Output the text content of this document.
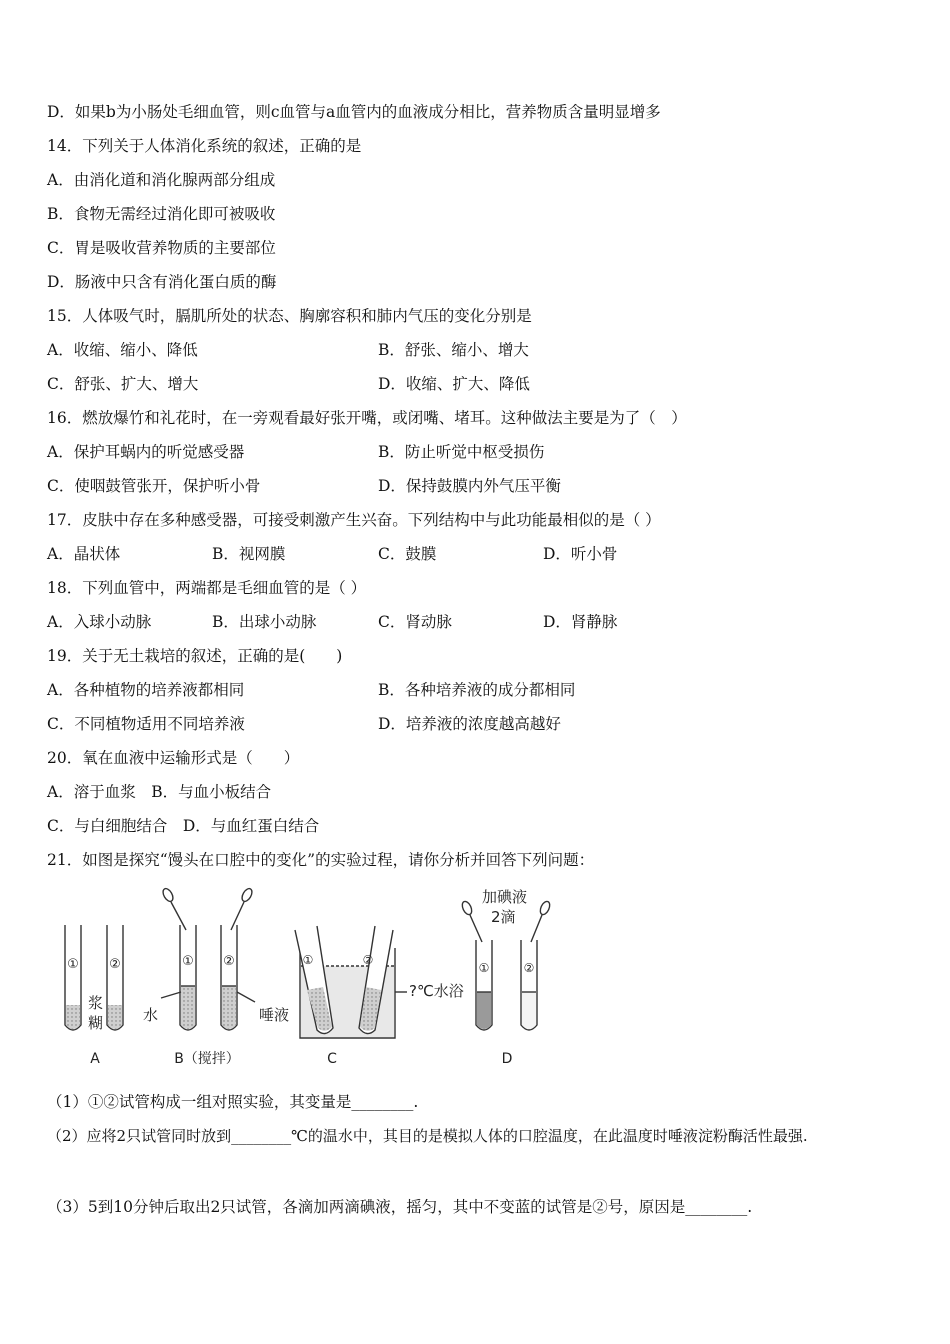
D．如果b为小肠处毛细血管，则c血管与a血管内的血液成分相比，营养物质含量明显增多
14．下列关于人体消化系统的叙述，正确的是
A．由消化道和消化腺两部分组成
B．食物无需经过消化即可被吸收
C．胃是吸收营养物质的主要部位
D．肠液中只含有消化蛋白质的酶
15．人体吸气时，膈肌所处的状态、胸廓容积和肺内气压的变化分别是
A．收缩、缩小、降低	B．舒张、缩小、增大
C．舒张、扩大、增大	D．收缩、扩大、降低
16．燃放爆竹和礼花时，在一旁观看最好张开嘴，或闭嘴、堵耳。这种做法主要是为了（　）
A．保护耳蜗内的听觉感受器	B．防止听觉中枢受损伤
C．使咽鼓管张开，保护听小骨	D．保持鼓膜内外气压平衡
17．皮肤中存在多种感受器，可接受刺激产生兴奋。下列结构中与此功能最相似的是（ ）
A．晶状体	B．视网膜	C．鼓膜	D．听小骨
18．下列血管中，两端都是毛细血管的是（ ）
A．入球小动脉	B．出球小动脉	C．肾动脉	D．肾静脉
19．关于无土栽培的叙述，正确的是(　　)
A．各种植物的培养液都相同	B．各种培养液的成分都相同
C．不同植物适用不同培养液	D．培养液的浓度越高越好
20．氧在血液中运输形式是（　　）
A．溶于血浆　B．与血小板结合
C．与白细胞结合　D．与血红蛋白结合
21．如图是探究“馒头在口腔中的变化”的实验过程，请你分析并回答下列问题：
① ②
浆
糊
A
① ②
水	唾液
B（搅拌）
①	②
?℃水浴
C
①	②
加碘液
2滴
D
（1）①②试管构成一组对照实验，其变量是________.
（2）应将2只试管同时放到________℃的温水中，其目的是模拟人体的口腔温度，在此温度时唾液淀粉酶活性最强.
（3）5到10分钟后取出2只试管，各滴加两滴碘液，摇匀，其中不变蓝的试管是②号，原因是________.
